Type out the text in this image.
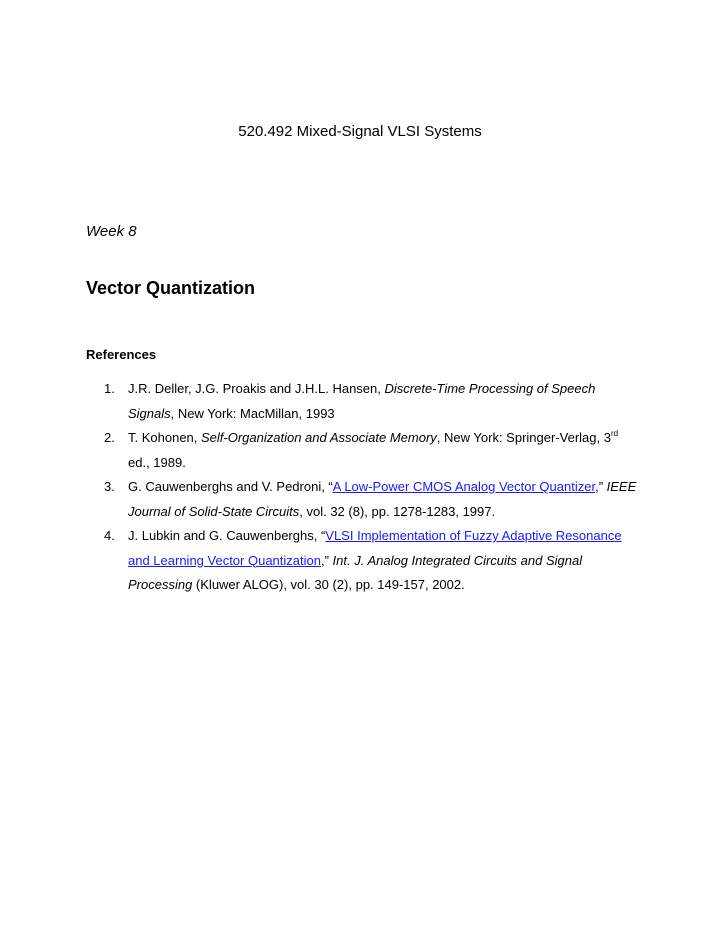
520.492 Mixed-Signal VLSI Systems
Week 8
Vector Quantization
References
1. J.R. Deller, J.G. Proakis and J.H.L. Hansen, Discrete-Time Processing of Speech Signals, New York: MacMillan, 1993
2. T. Kohonen, Self-Organization and Associate Memory, New York: Springer-Verlag, 3rd ed., 1989.
3. G. Cauwenberghs and V. Pedroni, “A Low-Power CMOS Analog Vector Quantizer,” IEEE Journal of Solid-State Circuits, vol. 32 (8), pp. 1278-1283, 1997.
4. J. Lubkin and G. Cauwenberghs, “VLSI Implementation of Fuzzy Adaptive Resonance and Learning Vector Quantization,” Int. J. Analog Integrated Circuits and Signal Processing (Kluwer ALOG), vol. 30 (2), pp. 149-157, 2002.
